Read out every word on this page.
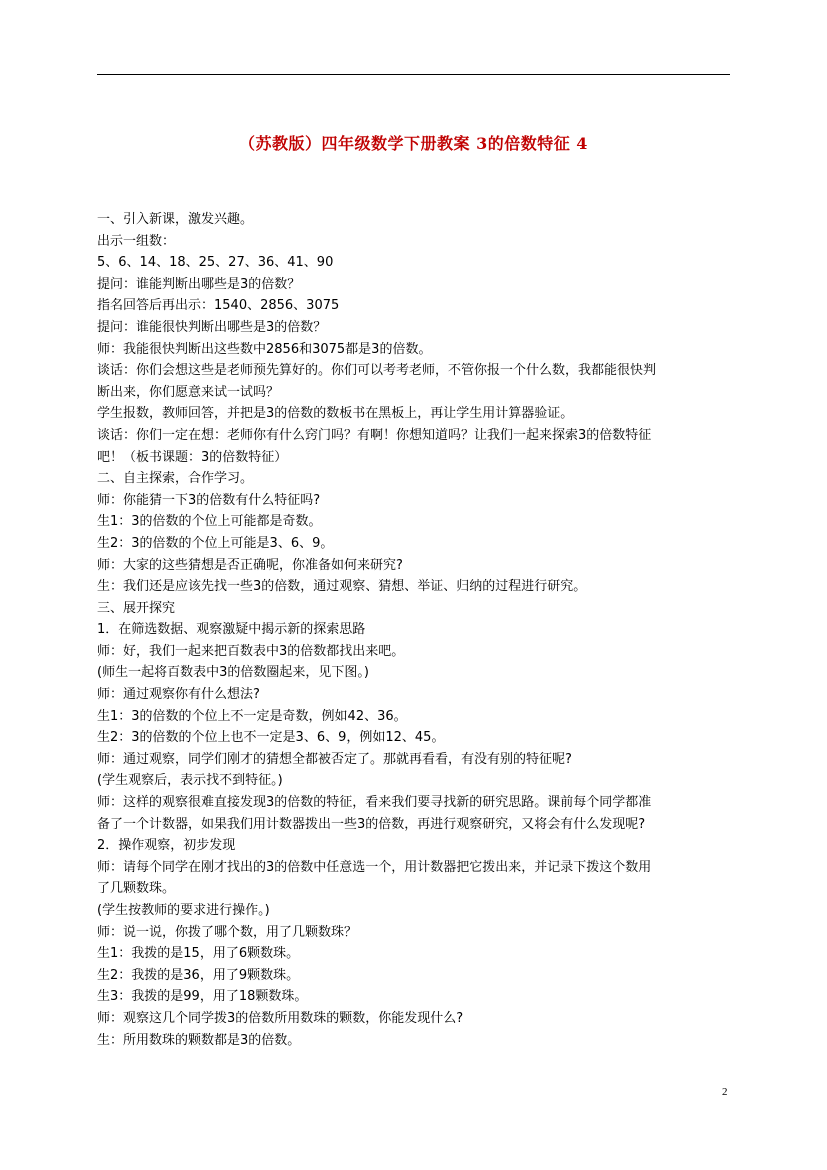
（苏教版）四年级数学下册教案 3的倍数特征 4

一、引入新课，激发兴趣。

出示一组数：

5、6、14、18、25、27、36、41、90

提问：谁能判断出哪些是3的倍数？

指名回答后再出示：1540、2856、3075

提问：谁能很快判断出哪些是3的倍数？

师：我能很快判断出这些数中2856和3075都是3的倍数。

谈话：你们会想这些是老师预先算好的。你们可以考考老师，不管你报一个什么数，我都能很快判

断出来，你们愿意来试一试吗？

学生报数，教师回答，并把是3的倍数的数板书在黑板上，再让学生用计算器验证。

谈话：你们一定在想：老师你有什么窍门吗？有啊！你想知道吗？让我们一起来探索3的倍数特征

吧！（板书课题：3的倍数特征）

二、自主探索，合作学习。

师：你能猜一下3的倍数有什么特征吗?

生1：3的倍数的个位上可能都是奇数。

生2：3的倍数的个位上可能是3、6、9。

师：大家的这些猜想是否正确呢，你准备如何来研究?

生：我们还是应该先找一些3的倍数，通过观察、猜想、举证、归纳的过程进行研究。

三、展开探究

1．在筛选数据、观察激疑中揭示新的探索思路

师：好，我们一起来把百数表中3的倍数都找出来吧。

(师生一起将百数表中3的倍数圈起来，见下图。)

师：通过观察你有什么想法?

生1：3的倍数的个位上不一定是奇数，例如42、36。

生2：3的倍数的个位上也不一定是3、6、9，例如12、45。

师：通过观察，同学们刚才的猜想全都被否定了。那就再看看，有没有别的特征呢?

(学生观察后，表示找不到特征。)

师：这样的观察很难直接发现3的倍数的特征，看来我们要寻找新的研究思路。课前每个同学都准

备了一个计数器，如果我们用计数器拨出一些3的倍数，再进行观察研究，又将会有什么发现呢?

2．操作观察，初步发现

师：请每个同学在刚才找出的3的倍数中任意选一个，用计数器把它拨出来，并记录下拨这个数用

了几颗数珠。

(学生按教师的要求进行操作。)

师：说一说，你拨了哪个数，用了几颗数珠？

生1：我拨的是15，用了6颗数珠。

生2：我拨的是36，用了9颗数珠。

生3：我拨的是99，用了18颗数珠。

师：观察这几个同学拨3的倍数所用数珠的颗数，你能发现什么?

生：所用数珠的颗数都是3的倍数。

2
